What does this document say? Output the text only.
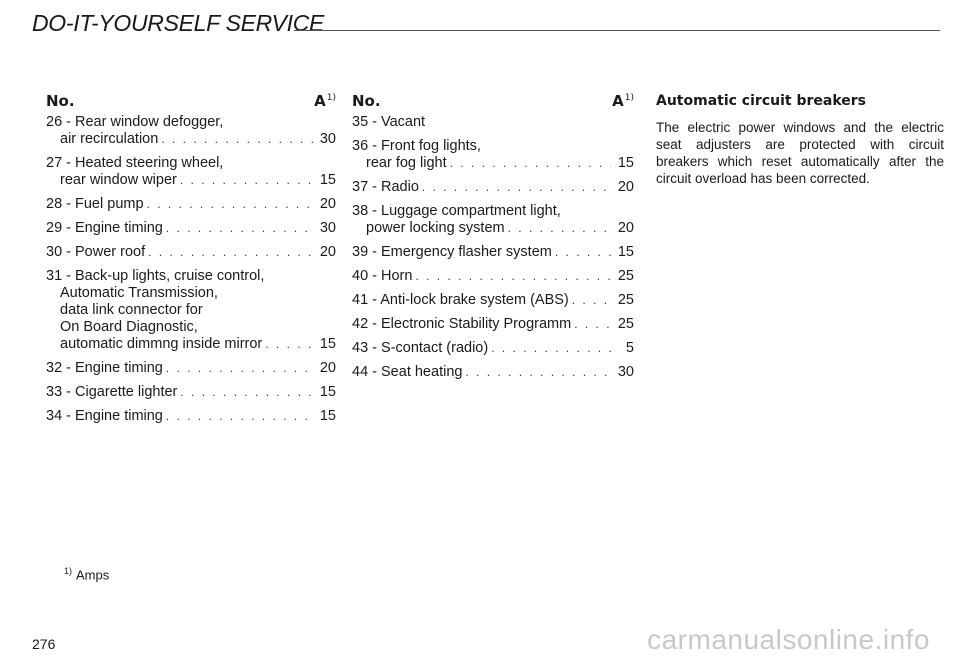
DO-IT-YOURSELF SERVICE
No.	$A^{1)}$
26 - Rear window defogger,
air recirculation . . .	30
27 - Heated steering wheel,
rear window wiper . . .	15
28 - Fuel pump . . .	20
29 - Engine timing . . .	30
30 - Power roof . . .	20
31 - Back-up lights, cruise control,
Automatic Transmission,
data link connector for
On Board Diagnostic,
automatic dimmng inside mirror . . .	15
32 - Engine timing . . .	20
33 - Cigarette lighter . . .	15
34 - Engine timing . . .	15
No.	$A^{1)}$
35 - Vacant
36 - Front fog lights,
rear fog light . . .	15
37 - Radio . . .	20
38 - Luggage compartment light,
power locking system . . .	20
39 - Emergency flasher system . . .	15
40 - Horn . . .	25
41 - Anti-lock brake system (ABS) . . .	25
42 - Electronic Stability Programm . . .	25
43 - S-contact (radio) . . .	5
44 - Seat heating . . .	30
Automatic circuit breakers
The electric power windows and the electric seat adjusters are protected with circuit breakers which reset automatically after the circuit overload has been corrected.
$^{1)}$ Amps
276	carmanualsonline.info
